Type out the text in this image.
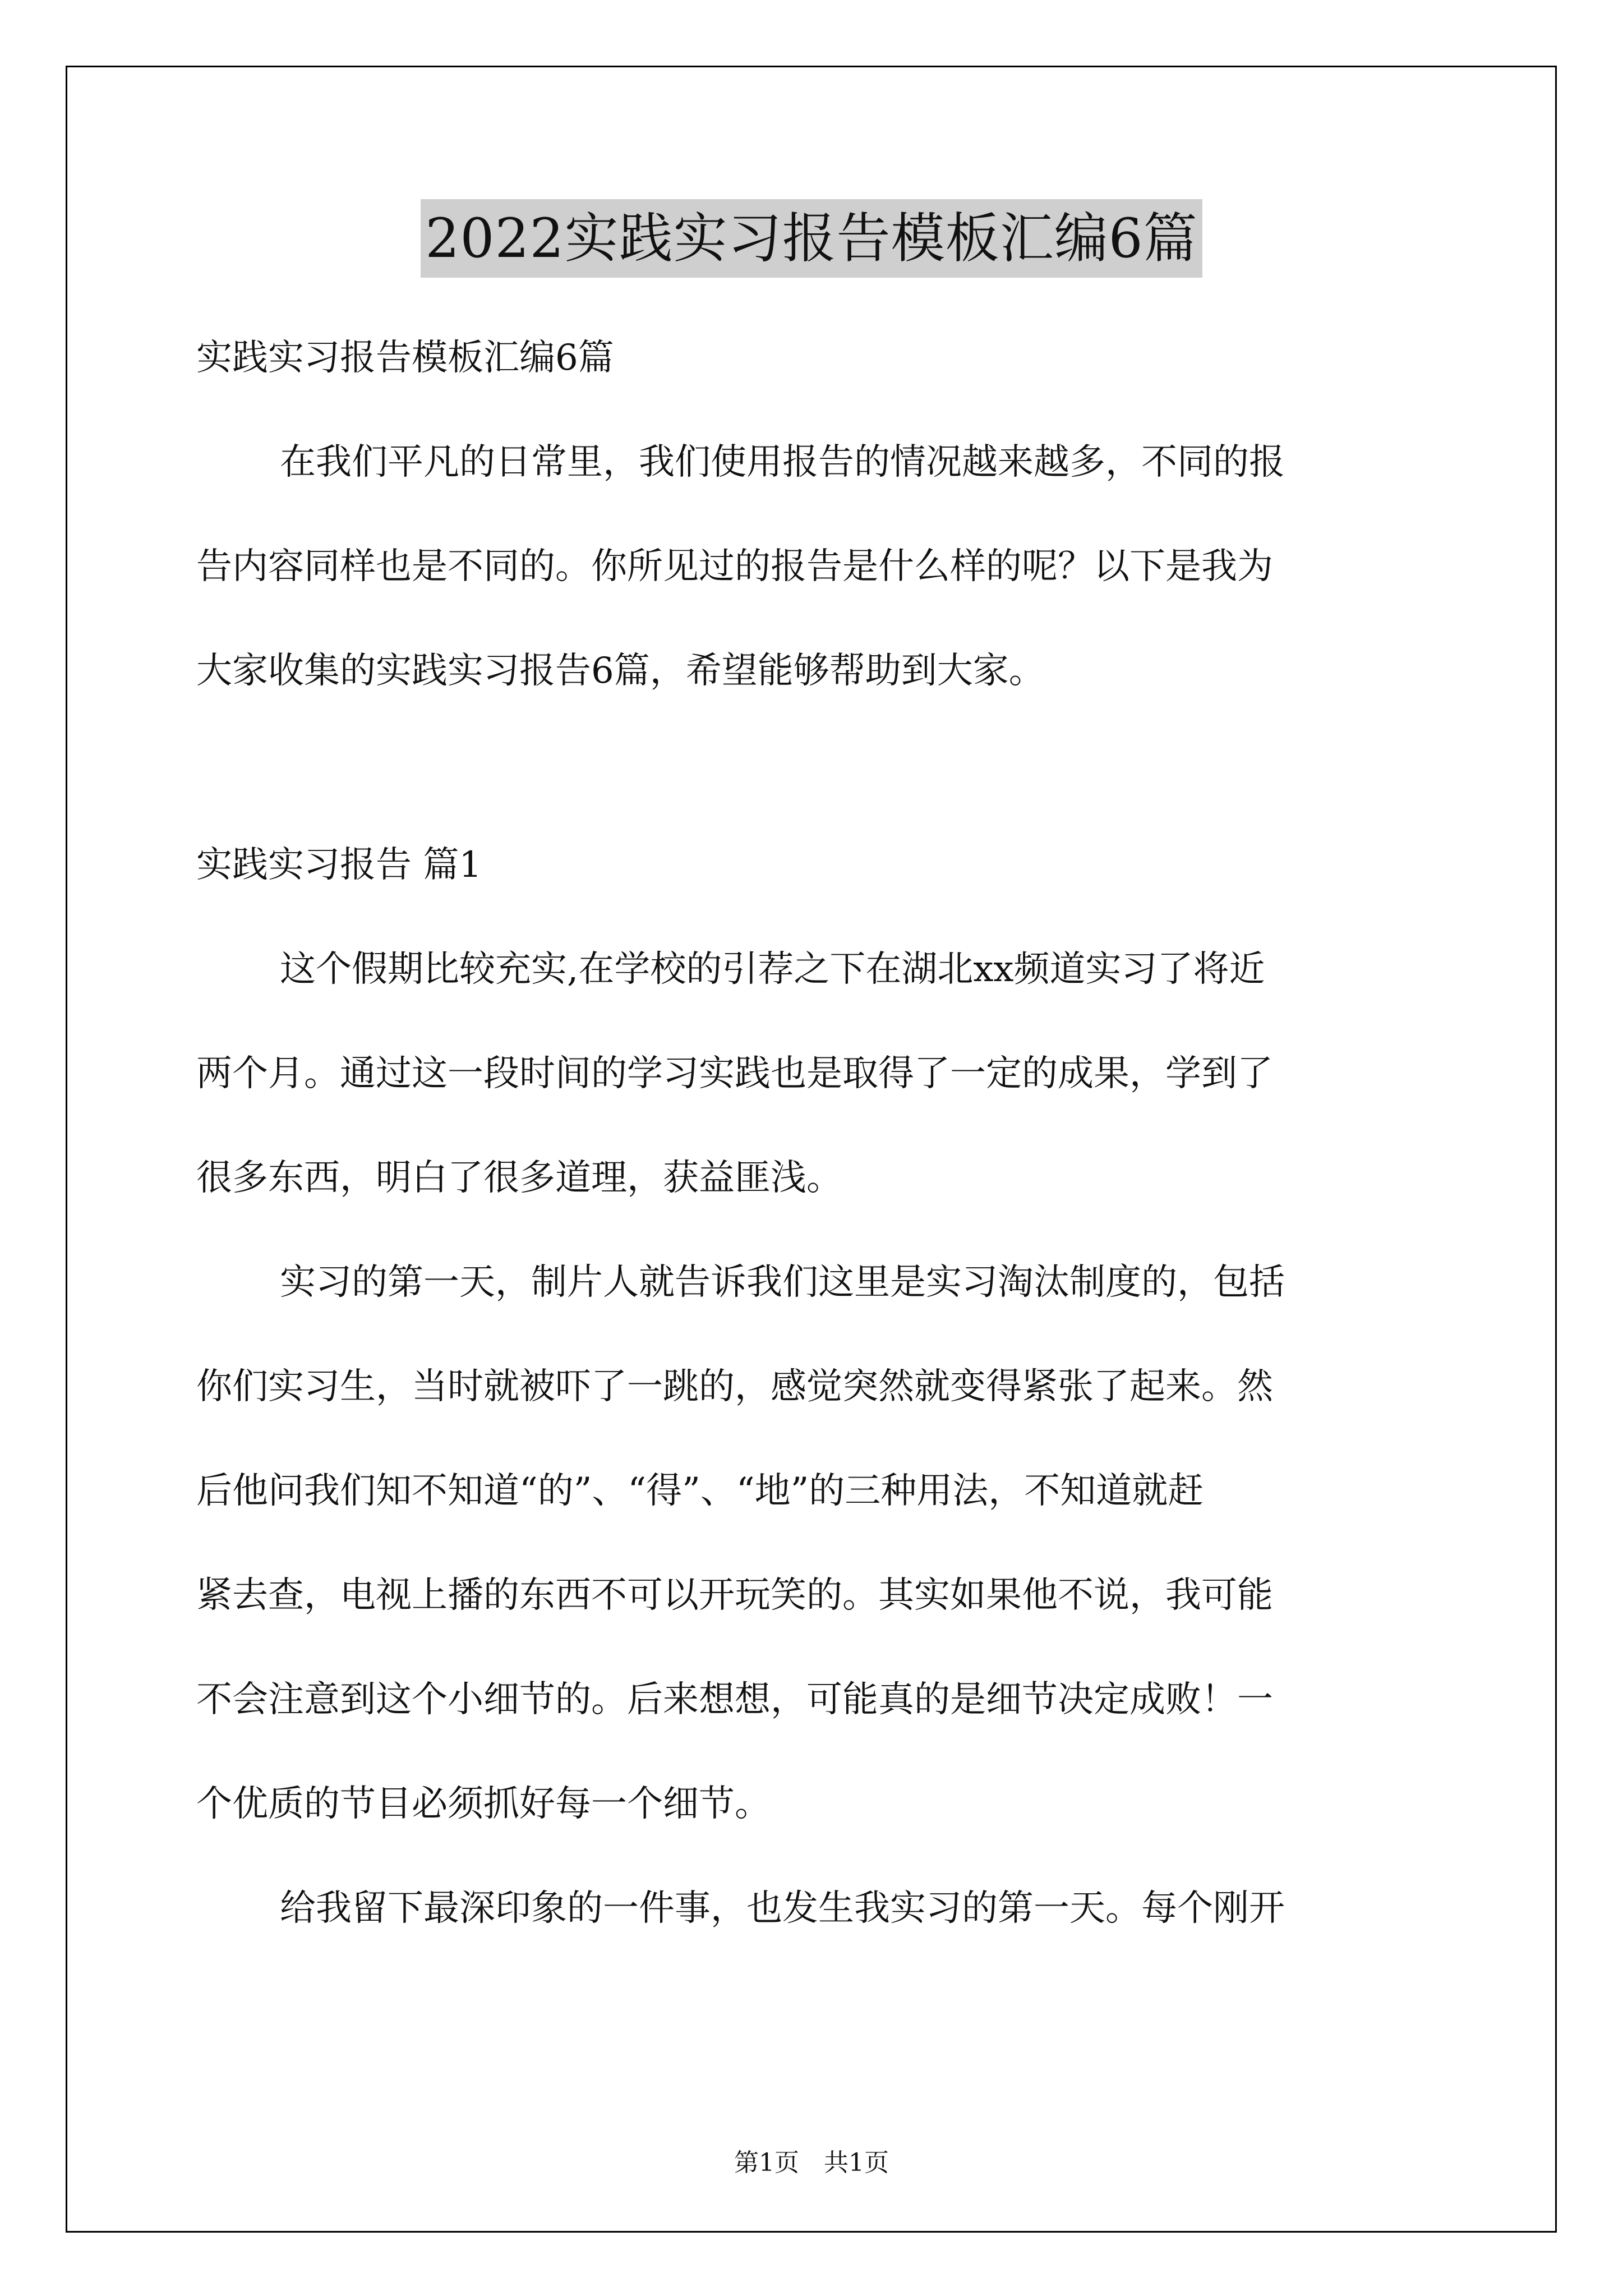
2022实践实习报告模板汇编6篇
实践实习报告模板汇编6篇
在我们平凡的日常里，我们使用报告的情况越来越多，不同的报
告内容同样也是不同的。你所见过的报告是什么样的呢？以下是我为
大家收集的实践实习报告6篇，希望能够帮助到大家。
实践实习报告 篇1
这个假期比较充实,在学校的引荐之下在湖北xx频道实习了将近
两个月。通过这一段时间的学习实践也是取得了一定的成果，学到了
很多东西，明白了很多道理，获益匪浅。
实习的第一天，制片人就告诉我们这里是实习淘汰制度的，包括
你们实习生，当时就被吓了一跳的，感觉突然就变得紧张了起来。然
后他问我们知不知道“的”、“得”、“地”的三种用法，不知道就赶
紧去查，电视上播的东西不可以开玩笑的。其实如果他不说，我可能
不会注意到这个小细节的。后来想想，可能真的是细节决定成败！一
个优质的节目必须抓好每一个细节。
给我留下最深印象的一件事，也发生我实习的第一天。每个刚开
第1页　共1页
